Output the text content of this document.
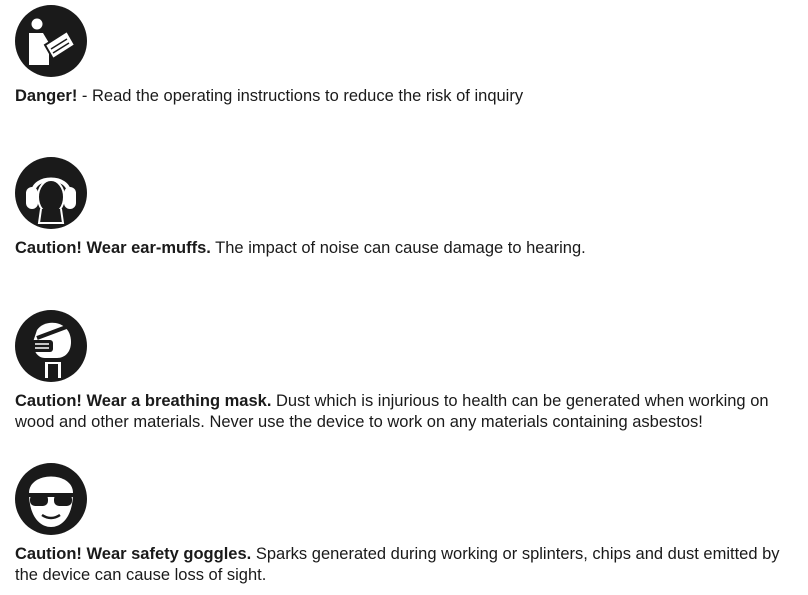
Danger! - Read the operating instructions to reduce the risk of inquiry

Caution! Wear ear-muffs. The impact of noise can cause damage to hearing.

Caution! Wear a breathing mask. Dust which is injurious to health can be generated when working on wood and other materials. Never use the device to work on any materials containing asbestos!

Caution! Wear safety goggles. Sparks generated during working or splinters, chips and dust emitted by the device can cause loss of sight.
